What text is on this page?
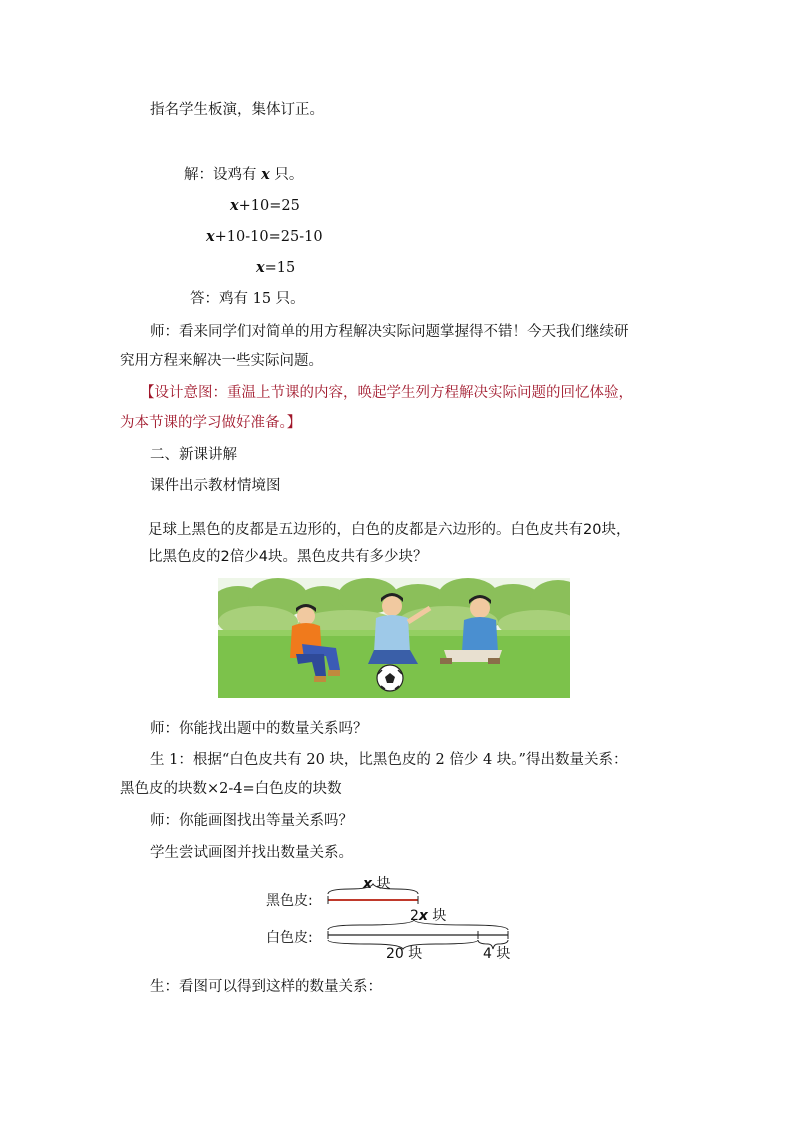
指名学生板演，集体订正。
解：设鸡有 x 只。
x+10=25
x+10-10=25-10
x=15
答：鸡有 15 只。
师：看来同学们对简单的用方程解决实际问题掌握得不错！今天我们继续研
究用方程来解决一些实际问题。
【设计意图：重温上节课的内容，唤起学生列方程解决实际问题的回忆体验，
为本节课的学习做好准备。】
二、新课讲解
课件出示教材情境图
足球上黑色的皮都是五边形的，白色的皮都是六边形的。白色皮共有20块，
比黑色皮的2倍少4块。黑色皮共有多少块？
师：你能找出题中的数量关系吗？
生 1：根据“白色皮共有 20 块，比黑色皮的 2 倍少 4 块。”得出数量关系：
黑色皮的块数×2-4=白色皮的块数
师：你能画图找出等量关系吗？
学生尝试画图并找出数量关系。
黑色皮:
白色皮:
x 块
2x 块
20 块	4 块
生：看图可以得到这样的数量关系：
